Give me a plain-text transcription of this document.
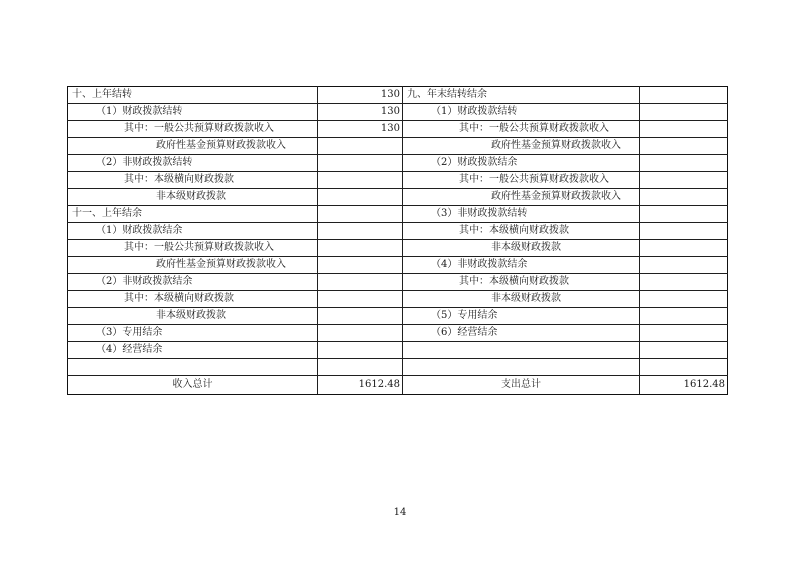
十、上年结转	130	九、年末结转结余	
（1）财政拨款结转	130	（1）财政拨款结转	
其中：一般公共预算财政拨款收入	130	其中：一般公共预算财政拨款收入	
政府性基金预算财政拨款收入		政府性基金预算财政拨款收入	
（2）非财政拨款结转		（2）财政拨款结余	
其中：本级横向财政拨款		其中：一般公共预算财政拨款收入	
非本级财政拨款		政府性基金预算财政拨款收入	
十一、上年结余		（3）非财政拨款结转	
（1）财政拨款结余		其中：本级横向财政拨款	
其中：一般公共预算财政拨款收入		非本级财政拨款	
政府性基金预算财政拨款收入		（4）非财政拨款结余	
（2）非财政拨款结余		其中：本级横向财政拨款	
其中：本级横向财政拨款		非本级财政拨款	
非本级财政拨款		（5）专用结余	
（3）专用结余		（6）经营结余	
（4）经营结余			

收入总计	1612.48	支出总计	1612.48
14
